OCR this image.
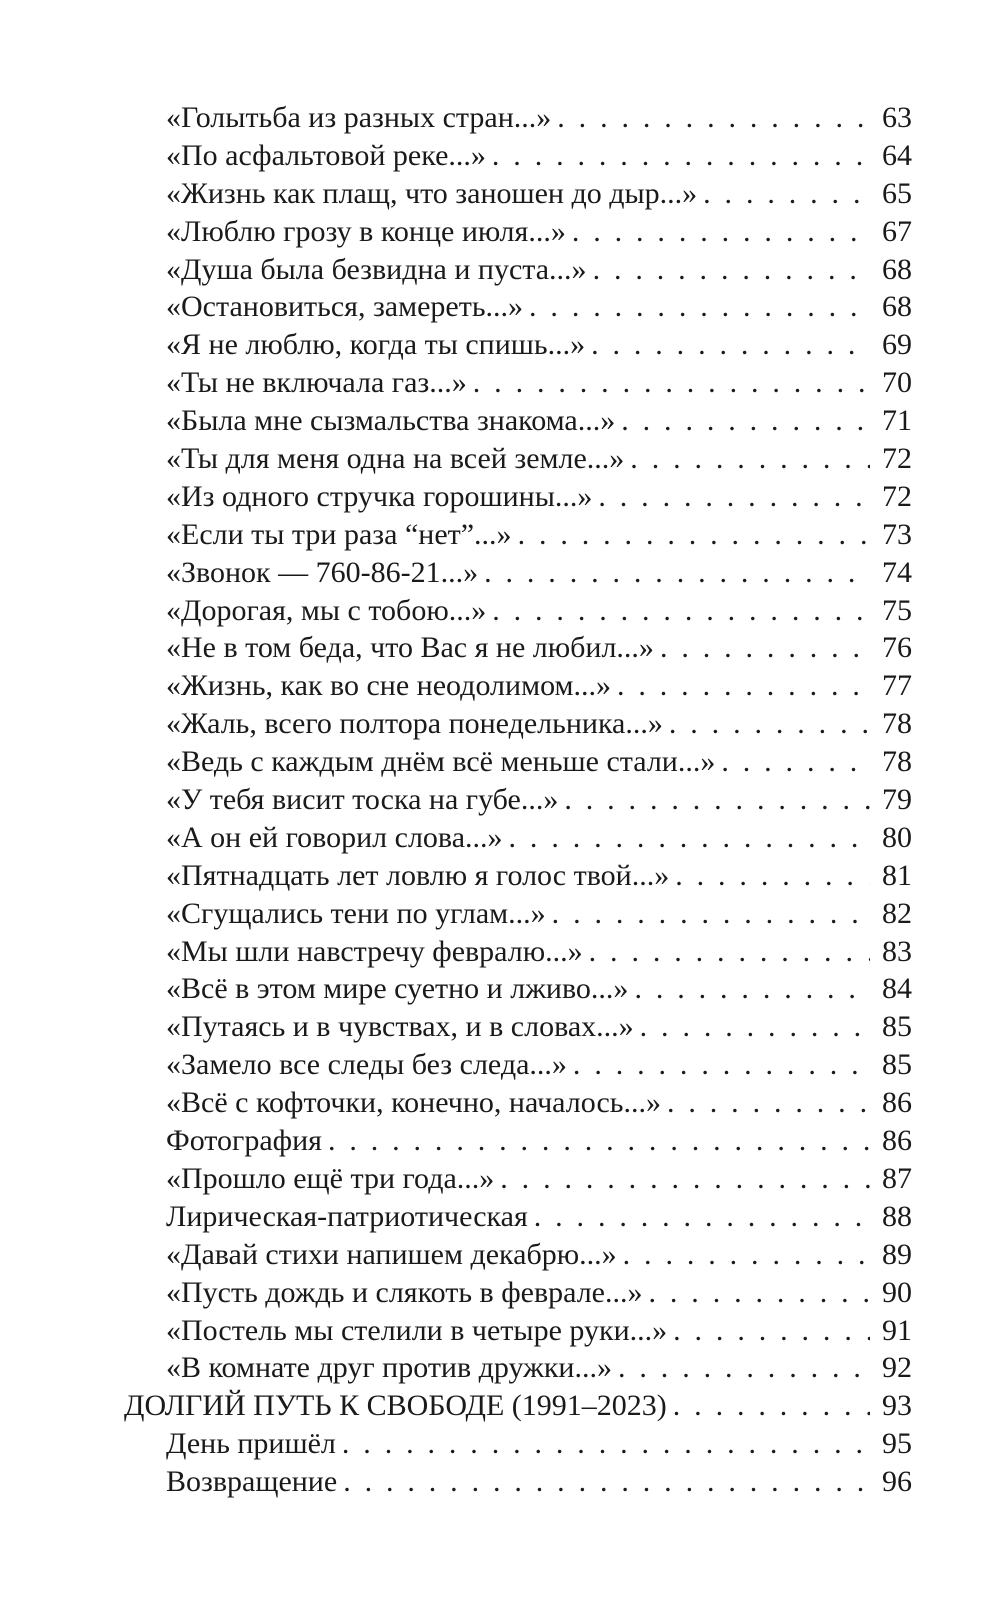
«Голытьба из разных стран...» . . .	63
«По асфальтовой реке...» . . .	64
«Жизнь как плащ, что заношен до дыр...» . . .	65
«Люблю грозу в конце июля...» . . .	67
«Душа была безвидна и пуста...» . . .	68
«Остановиться, замереть...» . . .	68
«Я не люблю, когда ты спишь...» . . .	69
«Ты не включала газ...» . . .	70
«Была мне сызмальства знакома...» . . .	71
«Ты для меня одна на всей земле...» . . .	72
«Из одного стручка горошины...» . . .	72
«Если ты три раза “нет”...» . . .	73
«Звонок — 760-86-21...» . . .	74
«Дорогая, мы с тобою...» . . .	75
«Не в том беда, что Вас я не любил...» . . .	76
«Жизнь, как во сне неодолимом...» . . .	77
«Жаль, всего полтора понедельника...» . . .	78
«Ведь с каждым днём всё меньше стали...» . . .	78
«У тебя висит тоска на губе...» . . .	79
«А он ей говорил слова...» . . .	80
«Пятнадцать лет ловлю я голос твой...» . . .	81
«Сгущались тени по углам...» . . .	82
«Мы шли навстречу февралю...» . . .	83
«Всё в этом мире суетно и лживо...» . . .	84
«Путаясь и в чувствах, и в словах...» . . .	85
«Замело все следы без следа...» . . .	85
«Всё с кофточки, конечно, началось...» . . .	86
Фотография . . .	86
«Прошло ещё три года...» . . .	87
Лирическая-патриотическая . . .	88
«Давай стихи напишем декабрю...» . . .	89
«Пусть дождь и слякоть в феврале...» . . .	90
«Постель мы стелили в четыре руки...» . . .	91
«В комнате друг против дружки...» . . .	92
ДОЛГИЙ ПУТЬ К СВОБОДЕ (1991–2023) . . .	93
День пришёл . . .	95
Возвращение . . .	96
